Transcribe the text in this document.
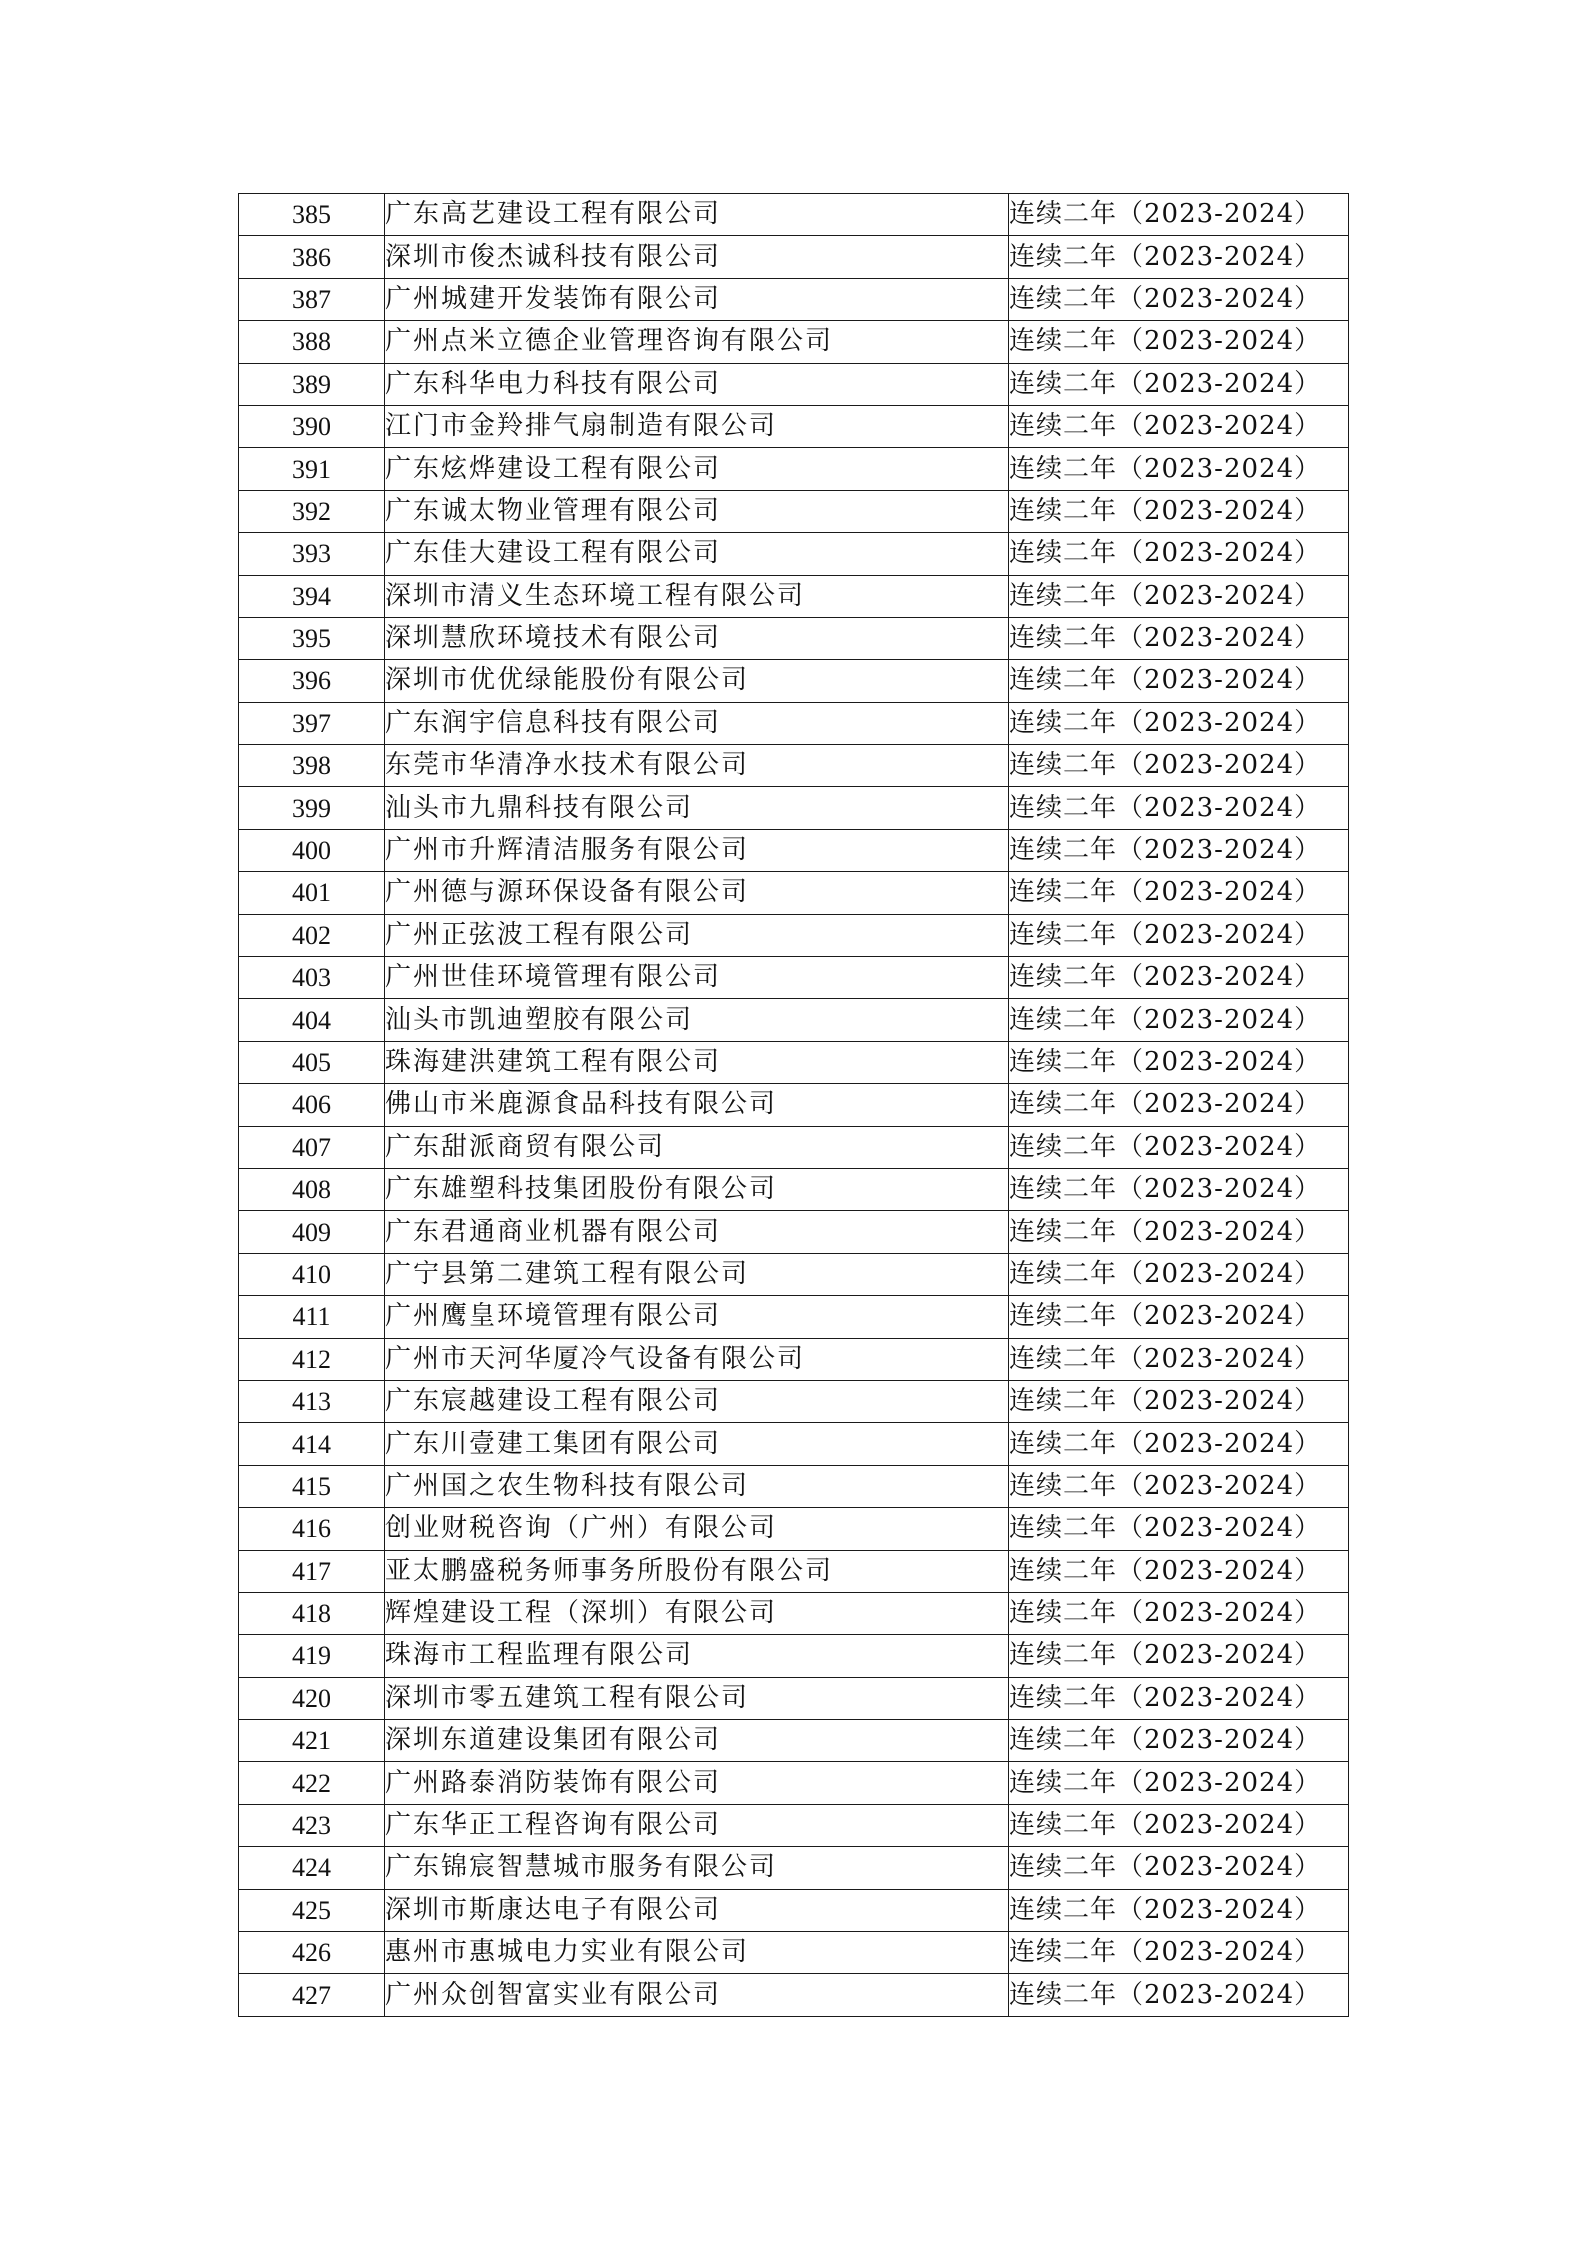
385	广东高艺建设工程有限公司	连续二年（2023-2024）
386	深圳市俊杰诚科技有限公司	连续二年（2023-2024）
387	广州城建开发装饰有限公司	连续二年（2023-2024）
388	广州点米立德企业管理咨询有限公司	连续二年（2023-2024）
389	广东科华电力科技有限公司	连续二年（2023-2024）
390	江门市金羚排气扇制造有限公司	连续二年（2023-2024）
391	广东炫烨建设工程有限公司	连续二年（2023-2024）
392	广东诚太物业管理有限公司	连续二年（2023-2024）
393	广东佳大建设工程有限公司	连续二年（2023-2024）
394	深圳市清义生态环境工程有限公司	连续二年（2023-2024）
395	深圳慧欣环境技术有限公司	连续二年（2023-2024）
396	深圳市优优绿能股份有限公司	连续二年（2023-2024）
397	广东润宇信息科技有限公司	连续二年（2023-2024）
398	东莞市华清净水技术有限公司	连续二年（2023-2024）
399	汕头市九鼎科技有限公司	连续二年（2023-2024）
400	广州市升辉清洁服务有限公司	连续二年（2023-2024）
401	广州德与源环保设备有限公司	连续二年（2023-2024）
402	广州正弦波工程有限公司	连续二年（2023-2024）
403	广州世佳环境管理有限公司	连续二年（2023-2024）
404	汕头市凯迪塑胶有限公司	连续二年（2023-2024）
405	珠海建洪建筑工程有限公司	连续二年（2023-2024）
406	佛山市米鹿源食品科技有限公司	连续二年（2023-2024）
407	广东甜派商贸有限公司	连续二年（2023-2024）
408	广东雄塑科技集团股份有限公司	连续二年（2023-2024）
409	广东君通商业机器有限公司	连续二年（2023-2024）
410	广宁县第二建筑工程有限公司	连续二年（2023-2024）
411	广州鹰皇环境管理有限公司	连续二年（2023-2024）
412	广州市天河华厦冷气设备有限公司	连续二年（2023-2024）
413	广东宸越建设工程有限公司	连续二年（2023-2024）
414	广东川壹建工集团有限公司	连续二年（2023-2024）
415	广州国之农生物科技有限公司	连续二年（2023-2024）
416	创业财税咨询（广州）有限公司	连续二年（2023-2024）
417	亚太鹏盛税务师事务所股份有限公司	连续二年（2023-2024）
418	辉煌建设工程（深圳）有限公司	连续二年（2023-2024）
419	珠海市工程监理有限公司	连续二年（2023-2024）
420	深圳市零五建筑工程有限公司	连续二年（2023-2024）
421	深圳东道建设集团有限公司	连续二年（2023-2024）
422	广州路泰消防装饰有限公司	连续二年（2023-2024）
423	广东华正工程咨询有限公司	连续二年（2023-2024）
424	广东锦宸智慧城市服务有限公司	连续二年（2023-2024）
425	深圳市斯康达电子有限公司	连续二年（2023-2024）
426	惠州市惠城电力实业有限公司	连续二年（2023-2024）
427	广州众创智富实业有限公司	连续二年（2023-2024）
